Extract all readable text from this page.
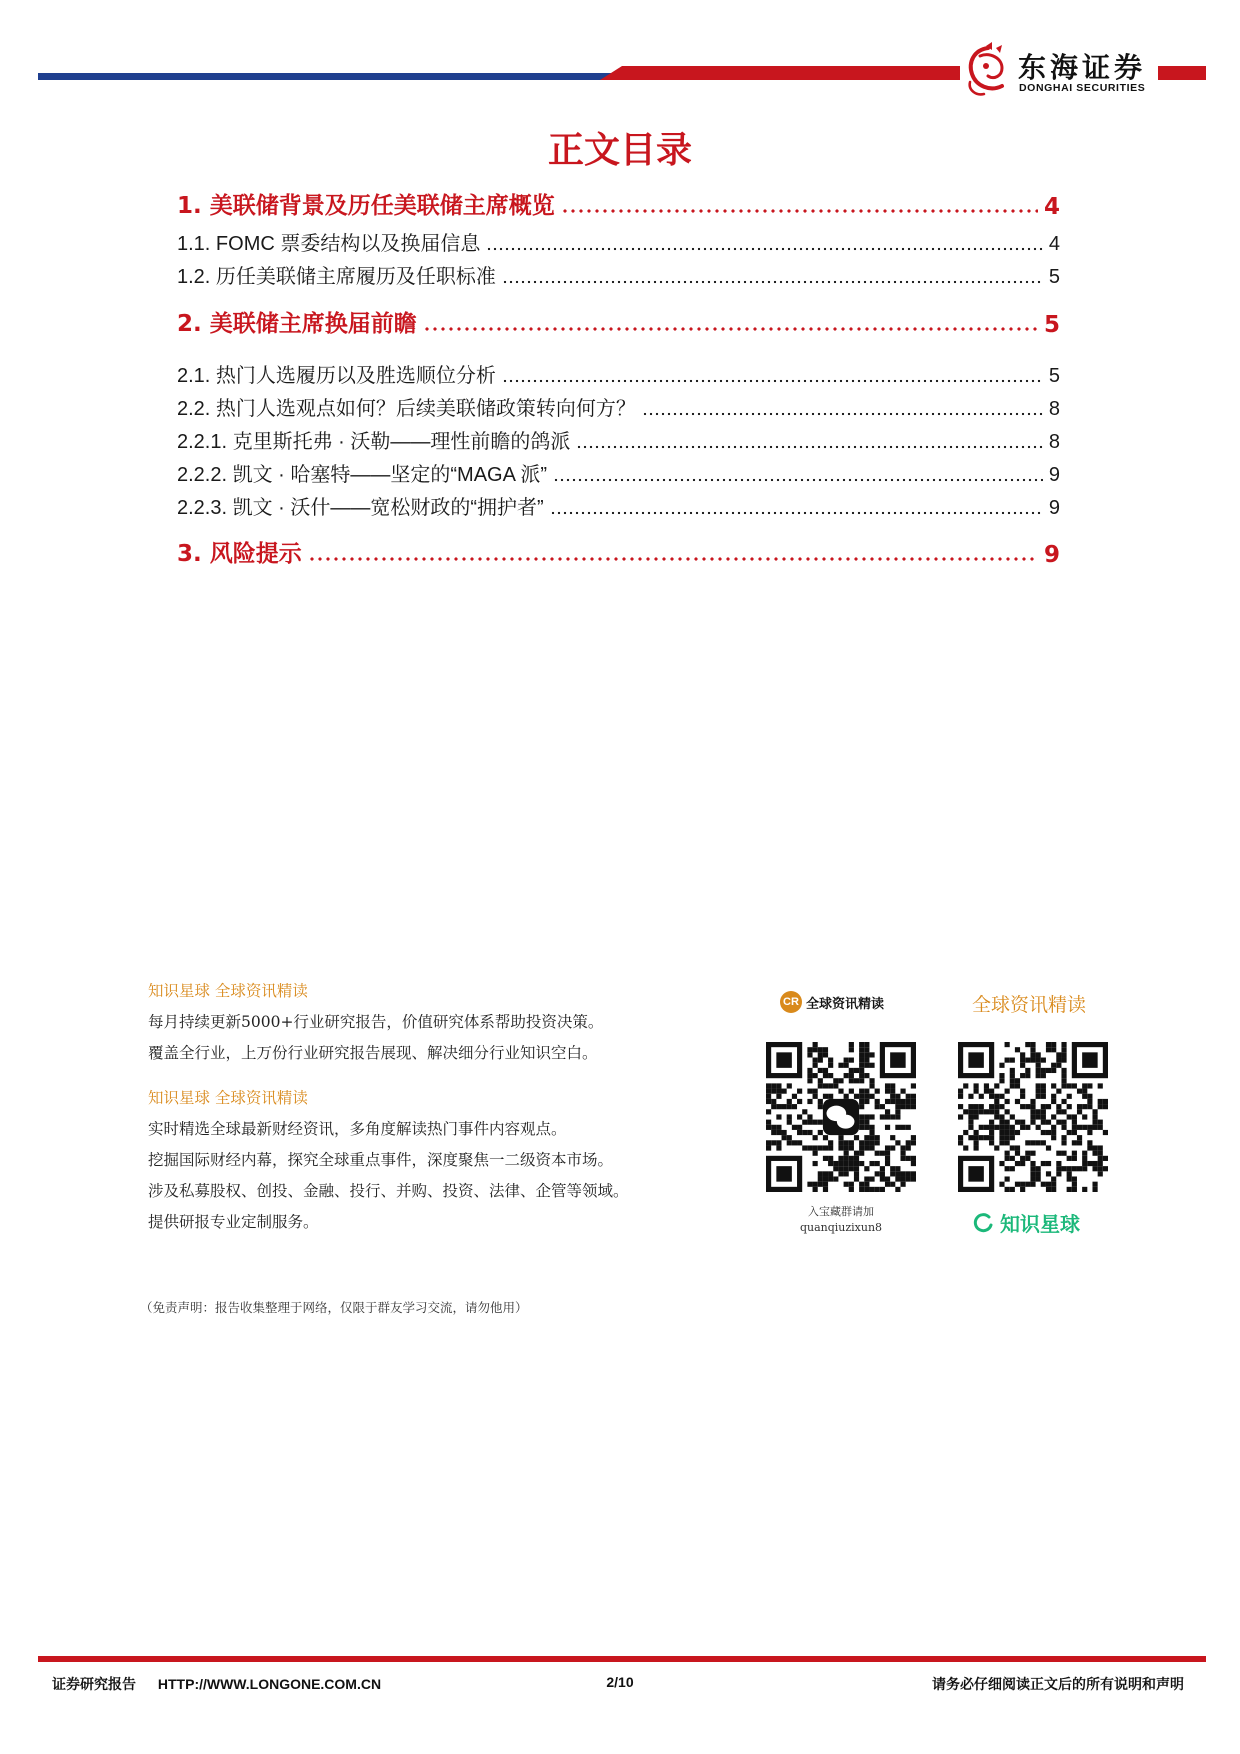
东海证券
DONGHAI SECURITIES
正文目录
1. 美联储背景及历任美联储主席概览	4
1.1. FOMC 票委结构以及换届信息	4
1.2. 历任美联储主席履历及任职标准	5
2. 美联储主席换届前瞻	5
2.1. 热门人选履历以及胜选顺位分析	5
2.2. 热门人选观点如何？后续美联储政策转向何方？	8
2.2.1. 克里斯托弗 · 沃勒——理性前瞻的鸽派	8
2.2.2. 凯文 · 哈塞特——坚定的“MAGA 派”	9
2.2.3. 凯文 · 沃什——宽松财政的“拥护者”	9
3. 风险提示	9

知识星球 全球资讯精读

每月持续更新5000+行业研究报告，价值研究体系帮助投资决策。

覆盖全行业，上万份行业研究报告展现、解决细分行业知识空白。

知识星球 全球资讯精读

实时精选全球最新财经资讯，多角度解读热门事件内容观点。

挖掘国际财经内幕，探究全球重点事件，深度聚焦一二级资本市场。

涉及私募股权、创投、金融、投行、并购、投资、法律、企管等领域。

提供研报专业定制服务。

CR 全球资讯精读
入宝藏群请加
quanqiuzixun8
全球资讯精读
知识星球
（免责声明：报告收集整理于网络，仅限于群友学习交流，请勿他用）
证券研究报告 HTTP://WWW.LONGONE.COM.CN	2/10	请务必仔细阅读正文后的所有说明和声明
